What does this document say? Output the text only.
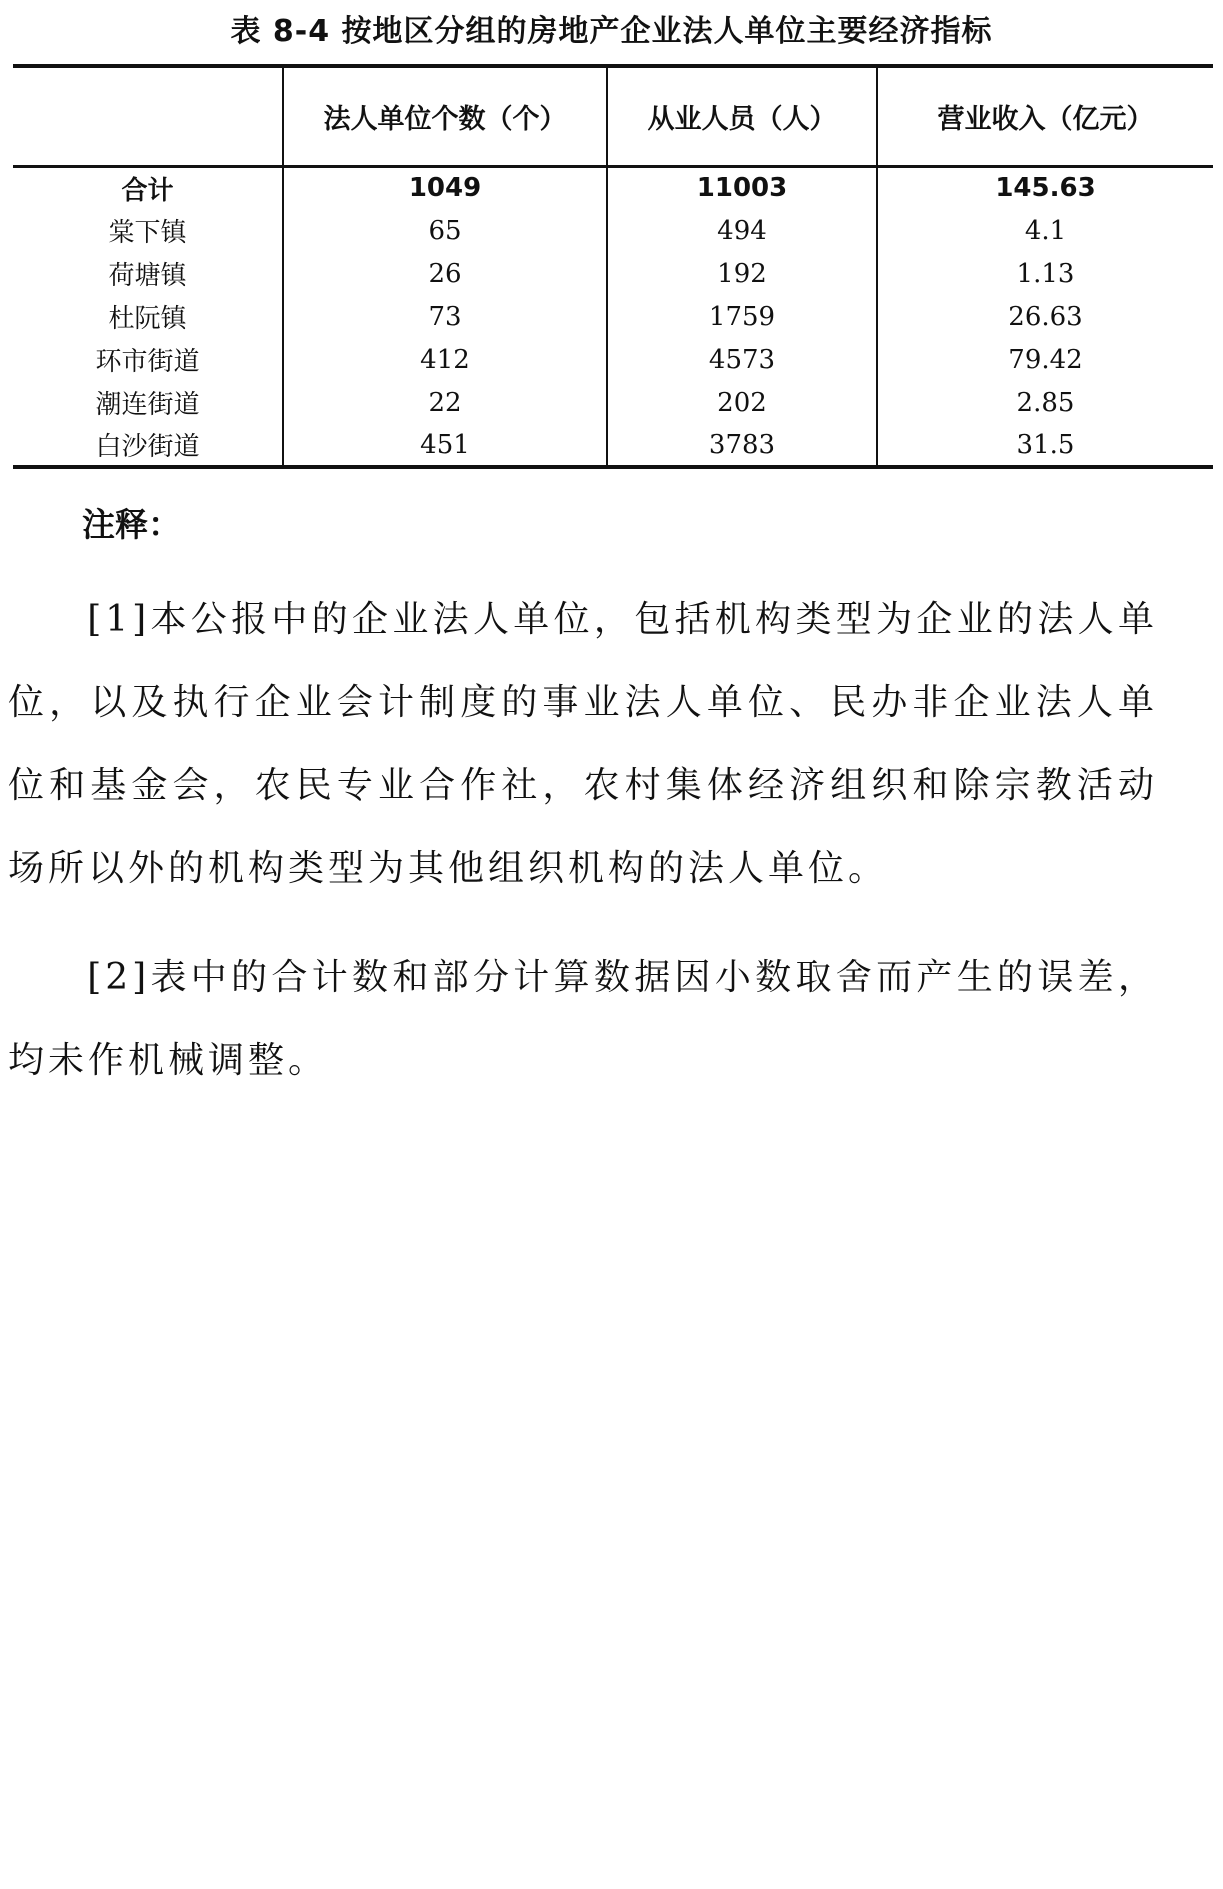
表 8-4 按地区分组的房地产企业法人单位主要经济指标
	法人单位个数（个）	从业人员（人）	营业收入（亿元）
合计	1049	11003	145.63
棠下镇	65	494	4.1
荷塘镇	26	192	1.13
杜阮镇	73	1759	26.63
环市街道	412	4573	79.42
潮连街道	22	202	2.85
白沙街道	451	3783	31.5
注释：

[1]本公报中的企业法人单位，包括机构类型为企业的法人单位，以及执行企业会计制度的事业法人单位、民办非企业法人单位和基金会，农民专业合作社，农村集体经济组织和除宗教活动场所以外的机构类型为其他组织机构的法人单位。

[2]表中的合计数和部分计算数据因小数取舍而产生的误差，均未作机械调整。
